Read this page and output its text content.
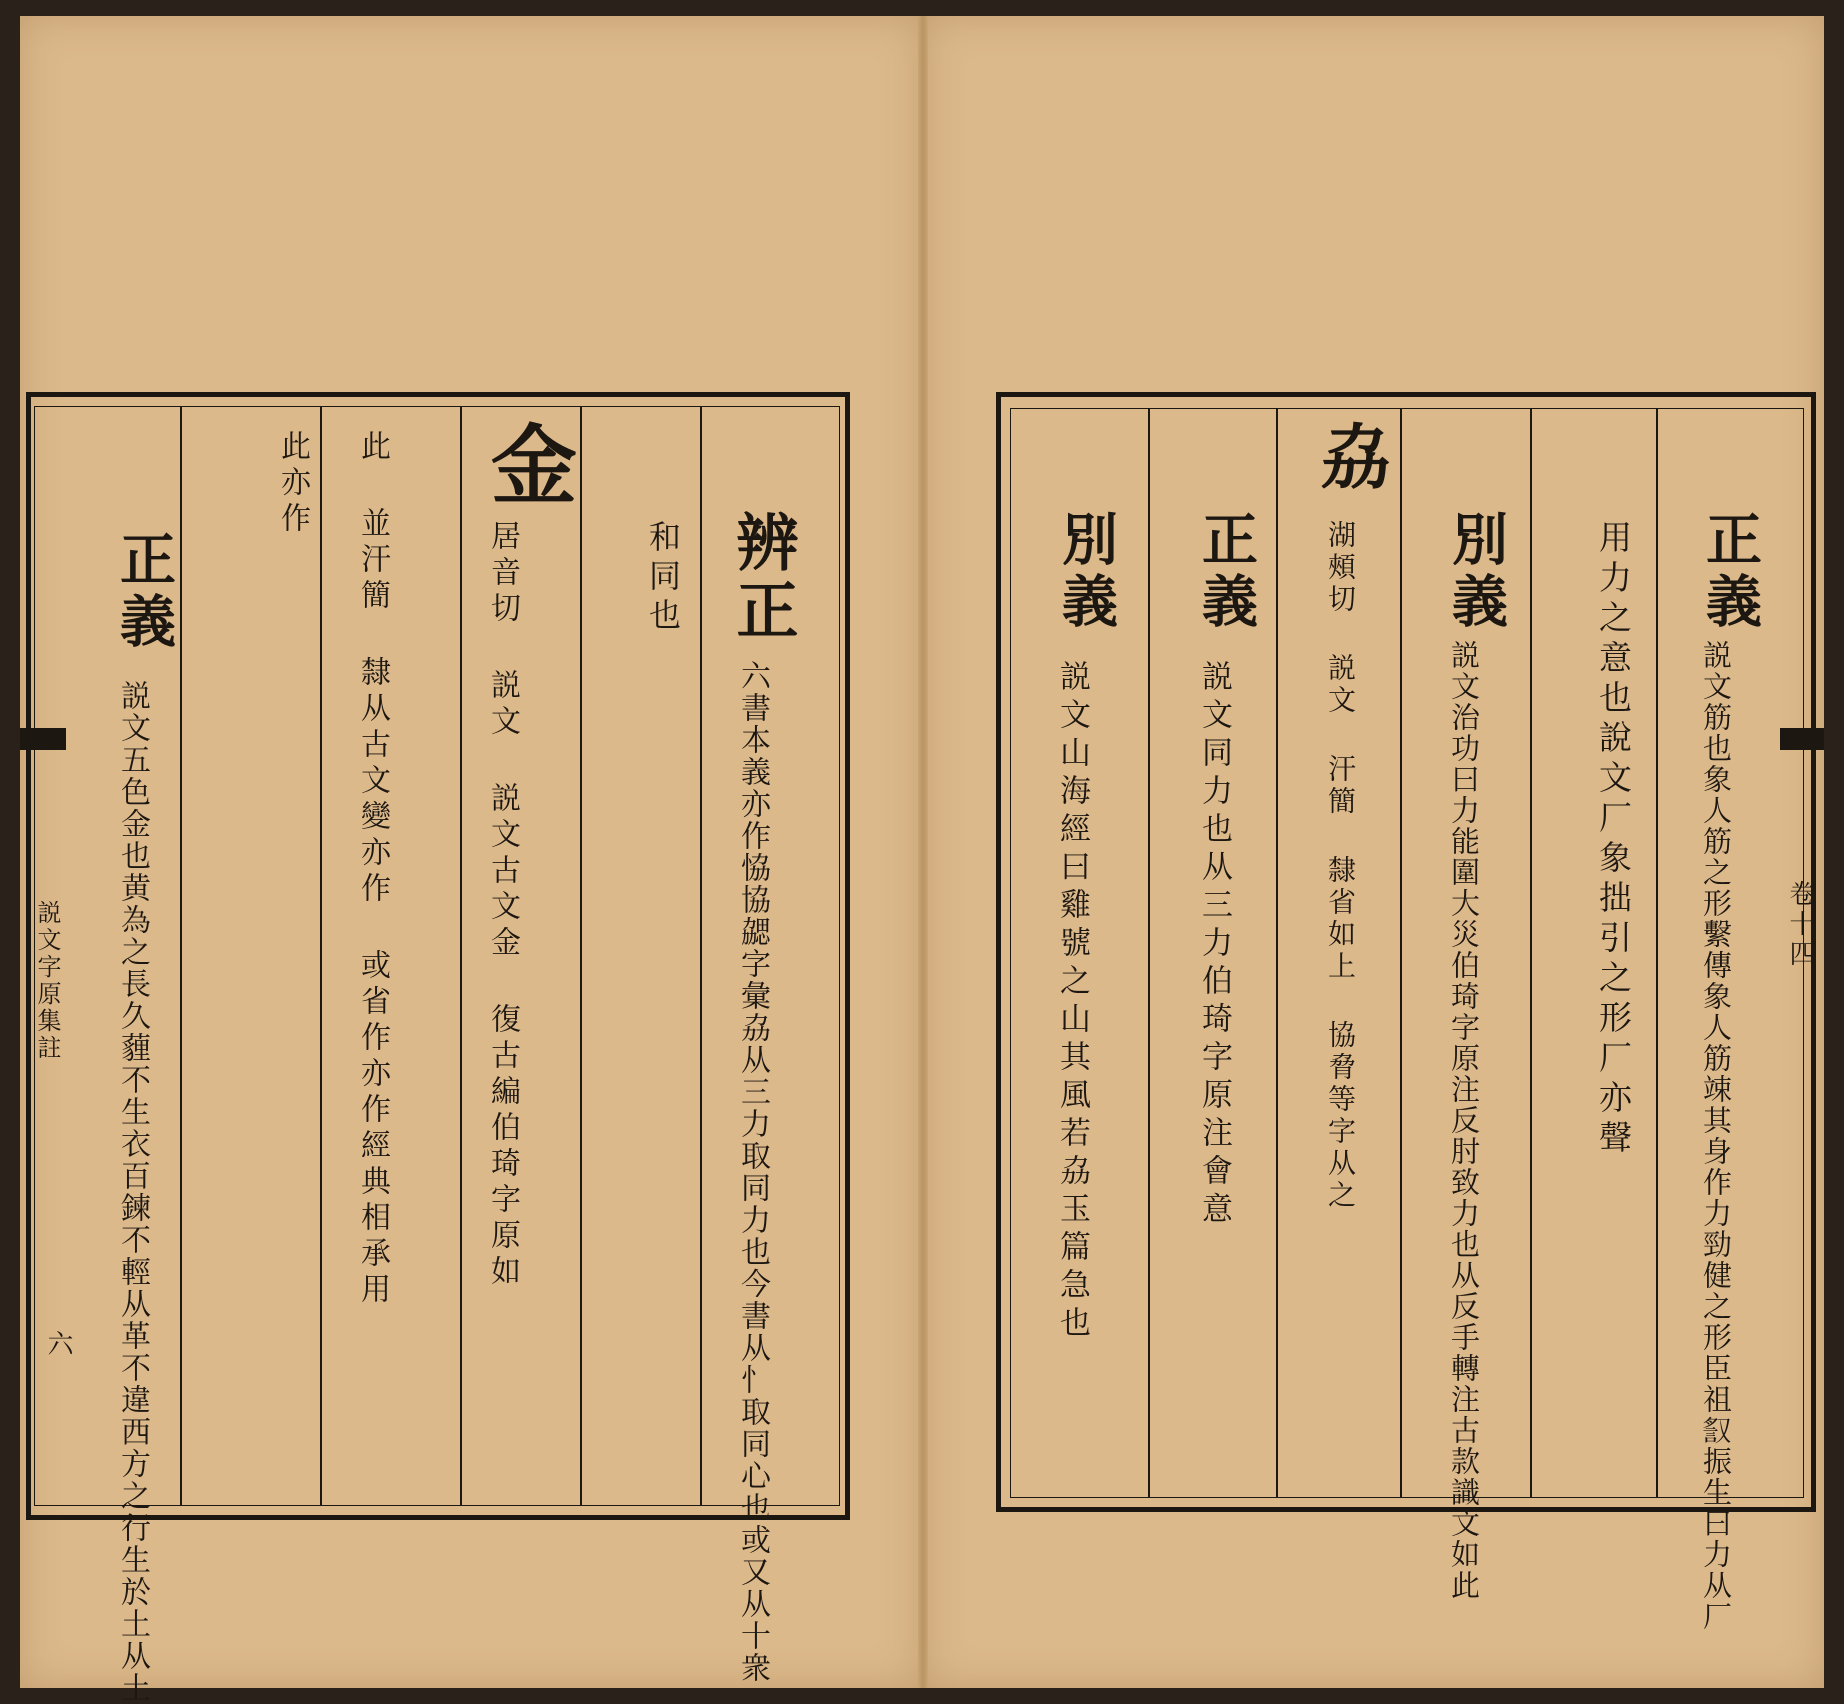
正義
説文筋也象人筋之形繫傳象人筋竦其身作力勁健之形臣祖𧧙振生曰力从厂
用力之意也說文厂象拙引之形厂亦聲
別義
説文治功曰力能圍大災伯琦字原注反肘致力也从反手轉注古款識文如此
劦
湖頰切 説文 汗簡 隸省如上 協脅等字从之
正義
説文同力也从三力伯琦字原注會意
別義
説文山海經曰雞號之山其風若劦玉篇急也	卷十四
辨正
六書本義亦作恊協勰字彙劦从三力取同力也今書从忄取同心也或又从十衆
和同也
金
居音切 説文 説文古文金 復古編伯琦字原如
此 並汗簡 隸从古文變亦作 或省作亦作經典相承用
此亦作
正義
説文五色金也黄為之長久薶不生衣百鍊不輕从革不違西方之行生於土从土
説文字原集註
六
